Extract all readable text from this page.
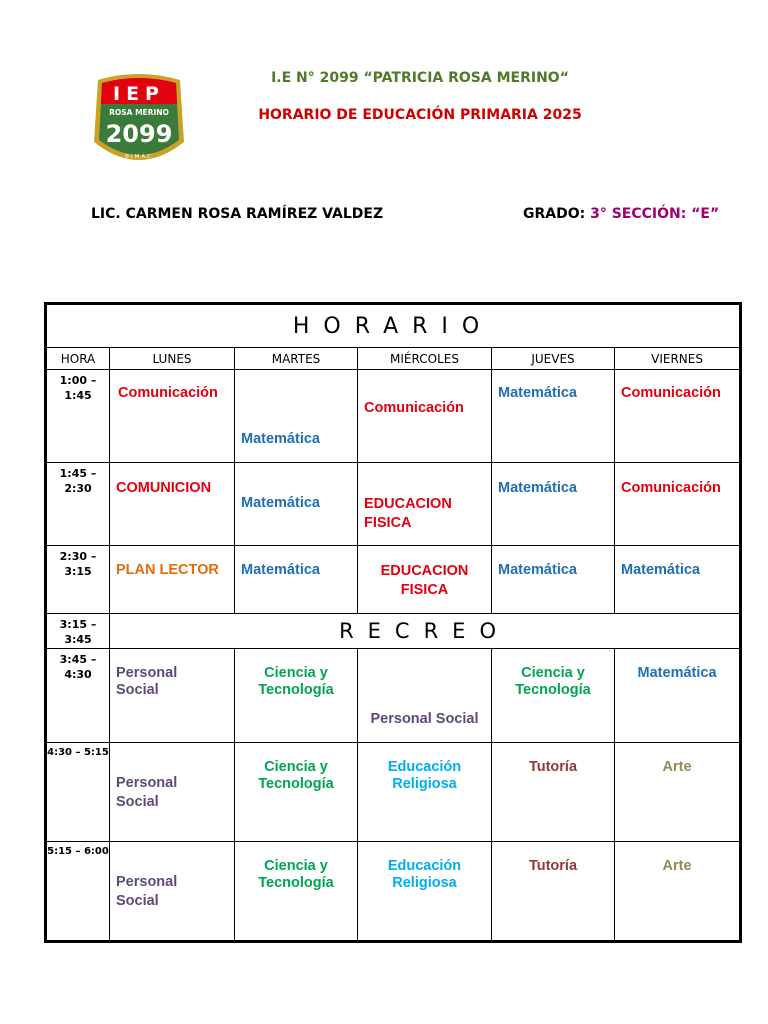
IEP
ROSA MERINO
2099
BIMAC
I.E N° 2099 “PATRICIA ROSA MERINO“
HORARIO DE EDUCACIÓN PRIMARIA 2025
LIC. CARMEN ROSA RAMÍREZ VALDEZ	GRADO: 3° SECCIÓN: “E”
HORARIO					
HORA	LUNES	MARTES	MIÉRCOLES	JUEVES	VIERNES
1:00 – 1:45	Comunicación	Matemática	Comunicación	Matemática	Comunicación

1:45 – 2:30	COMUNICION	Matemática	EDUCACION FISICA	Matemática	Comunicación

2:30 – 3:15	PLAN LECTOR	Matemática	EDUCACION FISICA	Matemática	Matemática

3:15 – 3:45	RECREO				
3:45 – 4:30	Personal Social	Ciencia y Tecnología	Personal Social	Ciencia y Tecnología	Matemática

4:30 – 5:15	Personal Social	Ciencia y Tecnología	Educación Religiosa	Tutoría	Arte

5:15 – 6:00	Personal Social	Ciencia y Tecnología	Educación Religiosa	Tutoría	Arte
